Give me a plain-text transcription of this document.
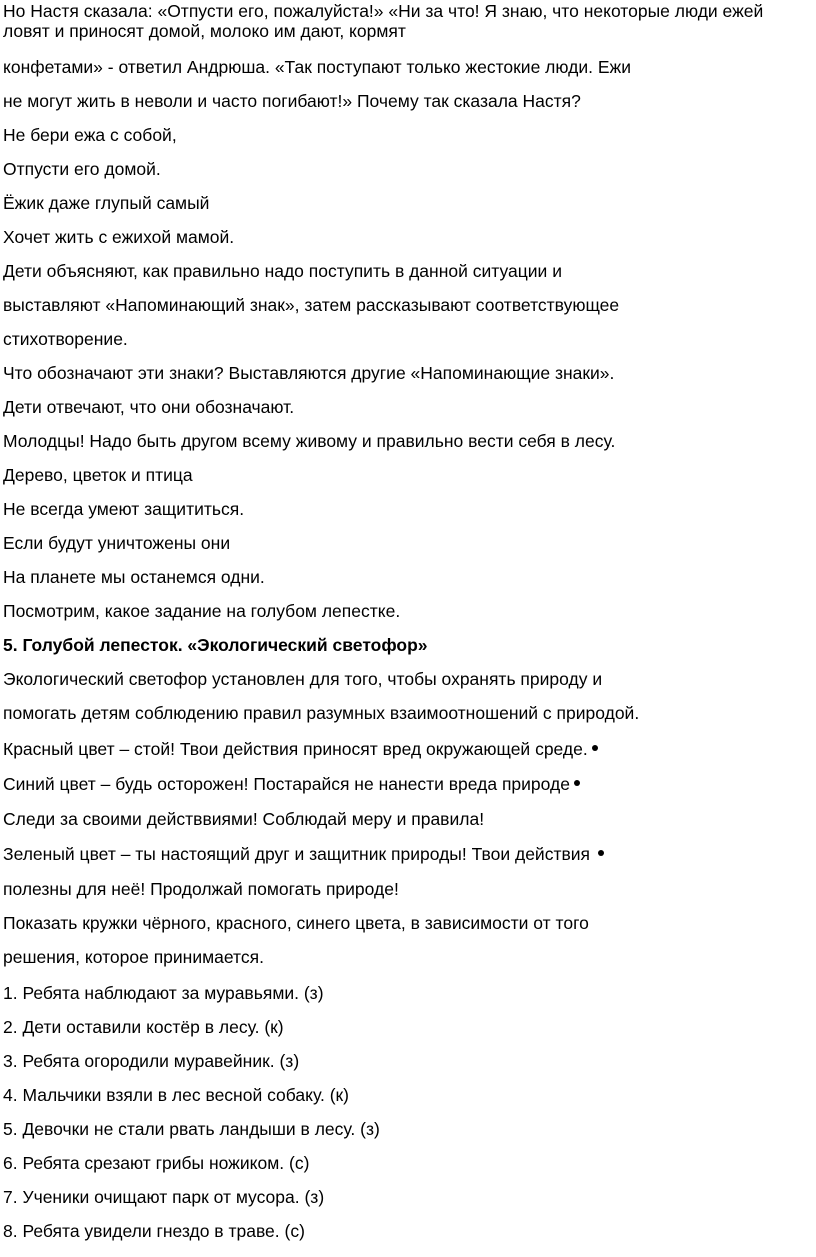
Но Настя сказала: «Отпусти его, пожалуйста!» «Ни за что! Я знаю, что некоторые люди ежей ловят и приносят домой, молоко им дают, кормят
конфетами» - ответил Андрюша. «Так поступают только жестокие люди. Ежи
не могут жить в неволи и часто погибают!» Почему так сказала Настя?
Не бери ежа с собой,
Отпусти его домой.
Ёжик даже глупый самый
Хочет жить с ежихой мамой.
Дети объясняют, как правильно надо поступить в данной ситуации и
выставляют «Напоминающий знак», затем рассказывают соответствующее
стихотворение.
Что обозначают эти знаки? Выставляются другие «Напоминающие знаки».
Дети отвечают, что они обозначают.
Молодцы! Надо быть другом всему живому и правильно вести себя в лесу.
Дерево, цветок и птица
Не всегда умеют защититься.
Если будут уничтожены они
На планете мы останемся одни.
Посмотрим, какое задание на голубом лепестке.
5. Голубой лепесток. «Экологический светофор»
Экологический светофор установлен для того, чтобы охранять природу и
помогать детям соблюдению правил разумных взаимоотношений с природой.
Красный цвет – стой! Твои действия приносят вред окружающей среде.
Синий цвет – будь осторожен! Постарайся не нанести вреда природе
Следи за своими действвиями! Соблюдай меру и правила!
Зеленый цвет – ты настоящий друг и защитник природы! Твои действия
полезны для неё! Продолжай помогать природе!
Показать кружки чёрного, красного, синего цвета, в зависимости от того
решения, которое принимается.
1. Ребята наблюдают за муравьями. (з)
2. Дети оставили костёр в лесу. (к)
3. Ребята огородили муравейник. (з)
4. Мальчики взяли в лес весной собаку. (к)
5. Девочки не стали рвать ландыши в лесу. (з)
6. Ребята срезают грибы ножиком. (с)
7. Ученики очищают парк от мусора. (з)
8. Ребята увидели гнездо в траве. (с)
